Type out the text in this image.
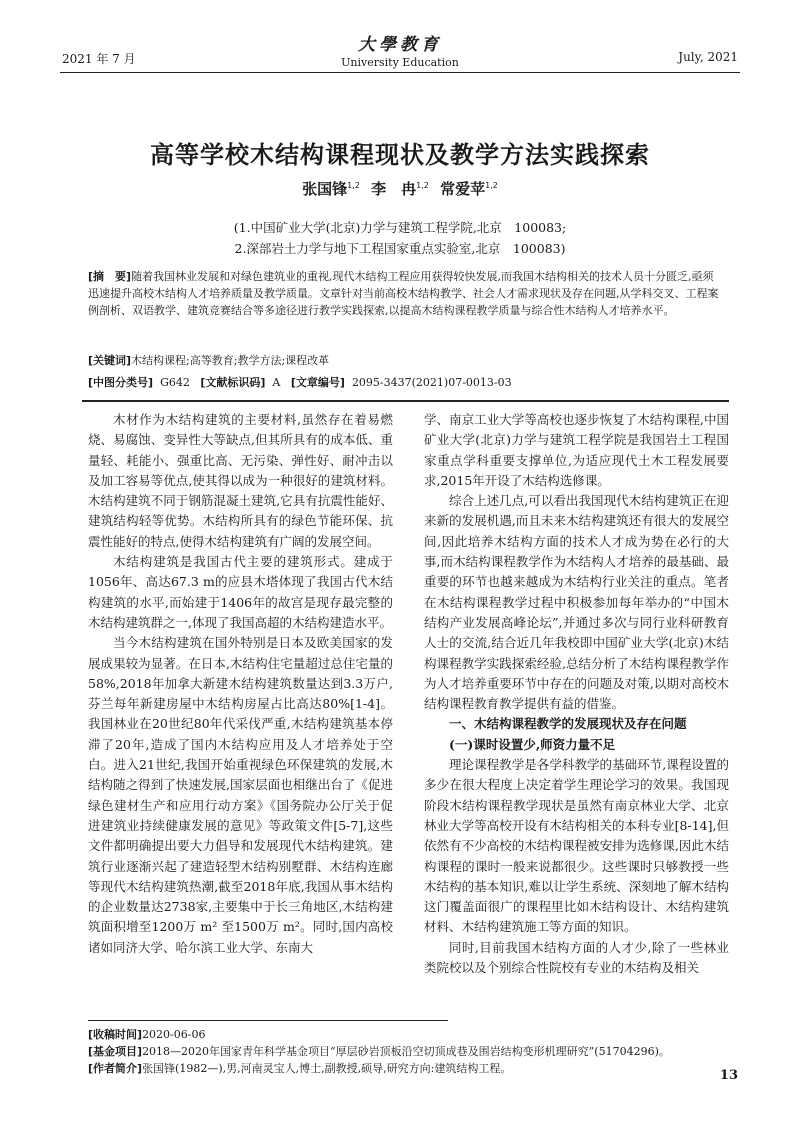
大學教育
University Education
2021 年 7 月	July, 2021
高等学校木结构课程现状及教学方法实践探索
张国锋$^{1,2}$ 李　冉$^{1,2}$ 常爱苹$^{1,2}$
(1.中国矿业大学(北京)力学与建筑工程学院,北京　100083;
2.深部岩土力学与地下工程国家重点实验室,北京　100083)
[摘　要]随着我国林业发展和对绿色建筑业的重视,现代木结构工程应用获得较快发展,而我国木结构相关的技术人员十分匮乏,亟须迅速提升高校木结构人才培养质量及教学质量。文章针对当前高校木结构教学、社会人才需求现状及存在问题,从学科交叉、工程案例剖析、双语教学、建筑竞赛结合等多途径进行教学实践探索,以提高木结构课程教学质量与综合性木结构人才培养水平。
[关键词]木结构课程;高等教育;教学方法;课程改革
[中图分类号] G642 [文献标识码] A [文章编号] 2095-3437(2021)07-0013-03

木材作为木结构建筑的主要材料,虽然存在着易燃烧、易腐蚀、变异性大等缺点,但其所具有的成本低、重量轻、耗能小、强重比高、无污染、弹性好、耐冲击以及加工容易等优点,使其得以成为一种很好的建筑材料。木结构建筑不同于钢筋混凝土建筑,它具有抗震性能好、建筑结构轻等优势。木结构所具有的绿色节能环保、抗震性能好的特点,使得木结构建筑有广阔的发展空间。

木结构建筑是我国古代主要的建筑形式。建成于1056年、高达67.3 m的应县木塔体现了我国古代木结构建筑的水平,而始建于1406年的故宫是现存最完整的木结构建筑群之一,体现了我国高超的木结构建造水平。

当今木结构建筑在国外特别是日本及欧美国家的发展成果较为显著。在日本,木结构住宅量超过总住宅量的58%,2018年加拿大新建木结构建筑数量达到3.3万户,芬兰每年新建房屋中木结构房屋占比高达80%[1-4]。我国林业在20世纪80年代采伐严重,木结构建筑基本停滞了20年,造成了国内木结构应用及人才培养处于空白。进入21世纪,我国开始重视绿色环保建筑的发展,木结构随之得到了快速发展,国家层面也相继出台了《促进绿色建材生产和应用行动方案》《国务院办公厅关于促进建筑业持续健康发展的意见》等政策文件[5-7],这些文件都明确提出要大力倡导和发展现代木结构建筑。建筑行业逐渐兴起了建造轻型木结构别墅群、木结构连廊等现代木结构建筑热潮,截至2018年底,我国从事木结构的企业数量达2738家,主要集中于长三角地区,木结构建筑面积增至1200万 m² 至1500万 m²。同时,国内高校诸如同济大学、哈尔滨工业大学、东南大

学、南京工业大学等高校也逐步恢复了木结构课程,中国矿业大学(北京)力学与建筑工程学院是我国岩土工程国家重点学科重要支撑单位,为适应现代土木工程发展要求,2015年开设了木结构选修课。

综合上述几点,可以看出我国现代木结构建筑正在迎来新的发展机遇,而且未来木结构建筑还有很大的发展空间,因此培养木结构方面的技术人才成为势在必行的大事,而木结构课程教学作为木结构人才培养的最基础、最重要的环节也越来越成为木结构行业关注的重点。笔者在木结构课程教学过程中积极参加每年举办的“中国木结构产业发展高峰论坛”,并通过多次与同行业科研教育人士的交流,结合近几年我校即中国矿业大学(北京)木结构课程教学实践探索经验,总结分析了木结构课程教学作为人才培养重要环节中存在的问题及对策,以期对高校木结构课程教育教学提供有益的借鉴。

一、木结构课程教学的发展现状及存在问题

(一)课时设置少,师资力量不足

理论课程教学是各学科教学的基础环节,课程设置的多少在很大程度上决定着学生理论学习的效果。我国现阶段木结构课程教学现状是虽然有南京林业大学、北京林业大学等高校开设有木结构相关的本科专业[8-14],但依然有不少高校的木结构课程被安排为选修课,因此木结构课程的课时一般来说都很少。这些课时只够教授一些木结构的基本知识,难以让学生系统、深刻地了解木结构这门覆盖面很广的课程里比如木结构设计、木结构建筑材料、木结构建筑施工等方面的知识。

同时,目前我国木结构方面的人才少,除了一些林业类院校以及个别综合性院校有专业的木结构及相关

[收稿时间]2020-06-06
[基金项目]2018—2020年国家青年科学基金项目“厚层砂岩顶板沿空切顶成巷及围岩结构变形机理研究”(51704296)。
[作者简介]张国锋(1982—),男,河南灵宝人,博士,副教授,硕导,研究方向:建筑结构工程。	13
